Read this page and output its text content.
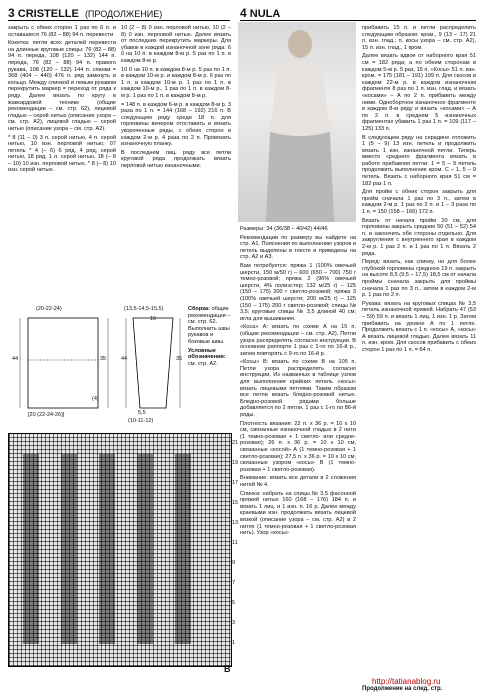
3 CRISTELLE (ПРОДОЛЖЕНИЕ)	4 NULA

закрыть с обеих сторон 1 раз по 6 п. и оставшиеся 76 (82 – 88) 94 п. перевести

Кокетка: петли всех деталей перевести на длинные круговые спицы: 76 (82 – 88) 94 п. переда, 108 (120 – 132) 144 п. переда, 76 (82 – 88) 94 п. правого рукава, 108 (120 – 132) 144 п. спинки = 368 (404 – 440) 476 п. ряд замкнуть в кольцо. Между спинкой и левым рукавом перекрутить маркер = переход от ряда к ряду. Далее вязать по кругу в жаккардовой технике (общие рекомендации – см. стр. 62), лицевой гладью – серой нитью (описание узора – см. стр. А2), лицевой гладью – серой нитью (описание узора – см. стр. А2).

* 8 (11 – 0) 3 п. серой нитью, 4 п. серой нитью, 10 изн. перловой нитью, 07 петель * 4 (– 6) 6 ряд, 4 ряд, серой нитью, 18 ряд, 1 л. серой нитью, 18 (– 8 – 10) 10 изн. перловой нитью, * 8 (– 8) 10 изн. серой нитью.

10 (2 – 8) 0 изн. перловой нитью, 10 (2 – 8) 0 изн. перловой нитью. Далее вязать от последних перекрутить маркеры. Для убавок в каждой изнаночной зоне ряда: 6 0 на 10 п. в каждом 8-м р. 5 раз по 1 п. в каждом 8-м р.

10 0 на 10 п. в каждом 8-м р. 5 раз по 1 п. в каждом 10-м р. и каждом 8-м р. 6 раз по 1 п. в каждом 10-м р. 1 раз по 1 п. в каждом 10-м р., 1 раз по 1 п. в каждом 8-м р. 1 раз по 1 п. в каждом 8-м р.

= 148 п. в каждом 6-м р. в каждом 8-м р. 3 раза по 1 п. = 144 (168 – 192) 216 п. В следующем ряду среди 18 п. для горловины вечером отоставить и вязать укороченные ряды, с обеих сторон в каждом 2-м р. 4 раза по 2 п. Провязать изнаночную планку.

В последнем лиц. ряду все петли круговой ряда продолжать вязать перловой нитью изнаночными.

(20-22-24)
[20 (22-24-26)]
44	35
(4)
(13,5-14,5-15,5)
16
5,5
(10-11-12)
44	35

Сборка: общие рекомендации – см. стр. 62. Выполнить швы рукавов и боковые швы.

Условные обозначения: см. стр. А2.

B
21
19
17
15
13
11
9
7
5
3
1

Размеры: 34 (36/38 – 40/42) 44/46

Рекомендации по размеру вы найдете на стр. А1. Пояснения по выполнению узоров и петель выделены в тексте и приведены на стр. А2 и А3.

Вам потребуется: пряжа 1 (100% овечьей шерсти, 150 м/50 г) – 600 (650 – 700) 750 г темно-розовой; пряжа 2 (96% овечьей шерсти, 4% полиэстер; 132 м/25 г) – 125 (150 – 175) 200 г светло-розовой; пряжа 3 (100% овечьей шерсти; 200 м/25 г) – 125 (150 – 175) 200 г светло-розовой; спицы № 3,5; круговые спицы № 3,5 длиной 40 см; игла для вышивания.

«Коса» А: вязать по схеме А на 15 п. (общие рекомендации – см. стр. А2). Петли узора распределять согласно инструкции. В основном раппорте 1 раз с 1-го по 16-й р., затем повторять с 9-го по 16-й р.

«Косы» В: вязать по схеме В на 105 п. Петли узора распределять согласно инструкции. Из названных в таблице узлов для выполнения крайних петель «косы» вязать лицевыми петлями. Таким образом все петли вязать бледно-розовой нитью. Бледно-розовой рядами больше добавляется по 2 петли. 1 раз с 1-го по 86-й ряды.

Плотность вязания: 22 п. х 36 р. = 10 х 10 см, связанные изнаночной гладью в 2 нити (1 темно-розовая + 1 светло- или средне-розовая); 26 п. х 36 р. = 10 х 10 см, связанные «косой» А (1 темно-розовая + 1 светло-розовая); 27,5 п. х 36 р. = 10 х 10 см, связанные узором «косы» В (1 темно-розовая + 1 светло-розовая).

Внимание: вязать все детали в 2 сложения нитей № 4.

Спинка: набрать на спицы № 3,5 фасонной пряжей нитью 160 (168 – 176) 184 п. и вязать 1 лиц. и 1 изн. п. 16 р. Далее между краевыми изн. продолжить вязать лицевой вязкой (описание узора – см. стр. А2) в 2 нитях (1 темно-розовая + 1 светло-розовая нить). Узор «косы»

прибавить 15 п. и петли распределить следующим образом: кром., 9 (13 – 17) 21 п. изн. глад., п. косы узора – см. стр. А2), 15 п. изн. глад., 1 кром.

Далее вязать вдвое от наборного края 51 см = 182 ряда; а по обеим сторонам в каждом 5-м р. 5 раз, 15 п. «Косы» 51 п. изн. кром. = 175 (181 – 191) 199 п. Для скосов в каждом 22-м р. в каждом изнаночном фрагменте 8 раз по 1 п. изн. глад. и вязать «косами» – А по 2 п. прибавить между ними. Однобортное изнаночное фрагменте в каждом 8-м ряду и вязать «косами» – А по 2 п. в среднем 5 изнаночных фрагментах убавить 1 раз 1 п. = 109 (117 – 125) 133 п.

В следующем ряду на середине отложить 1 (5 – 9) 13 изн. петель и продолжить вязать 1 изн. изнаночной петли. Теперь вместо среднего фрагмента вязать в работе прибавляя петли: 1 = 5 – 9 петель продолжить выполнение кром. С – 1, 5 – 9 петель. Вязать с наборного края 51 см = 182 раз 1 п.

Для пройм с обеих сторон закрыть для пройм сначала 1 раз по 3 п., затем в каждом 2-м р. 1 раз по 2 п. и 1 – 3 раза по 1 п. = 150 (158 – 166) 172 п.

Вязать от начала пройм 20 см, для горловины закрыть средние 50 (51 – 52) 54 п. и закончить обе стороны отдельно. Для закругления с внутреннего края в каждом 2-м р. 1 раз 2 п. и 1 раз по 1 п. Вязать 2 ряда.

Перед: вязать, как спинку, но для более глубокой горловины среднюю 19 п. закрыть на высоте 8,5 (9,5 – 17,5) 18,5 см от начала проймы сначала закрыть для проймы сначала 1 раз по 3 п., затем в каждом 2-м р. 1 раз по 2 п.

Рукава: вязать на круговых спицах № 3,5 петель изнаночной пряжей. Набрать 47 (53 – 59) 59 п. и вязать 1 лиц. 1 изн. 1 р. Затем прибавить на уровне А по 1 петле. Продолжить вязать с 1 п. «косы» А, «косы» А вязать лицевой гладью. Далее вязать 11 п. изн. кром. Для скосов прибавить с обеих сторон 1 раз по 1 п. = 64 п.

Продолжение на след. стр.
http://tatianablog.ru
